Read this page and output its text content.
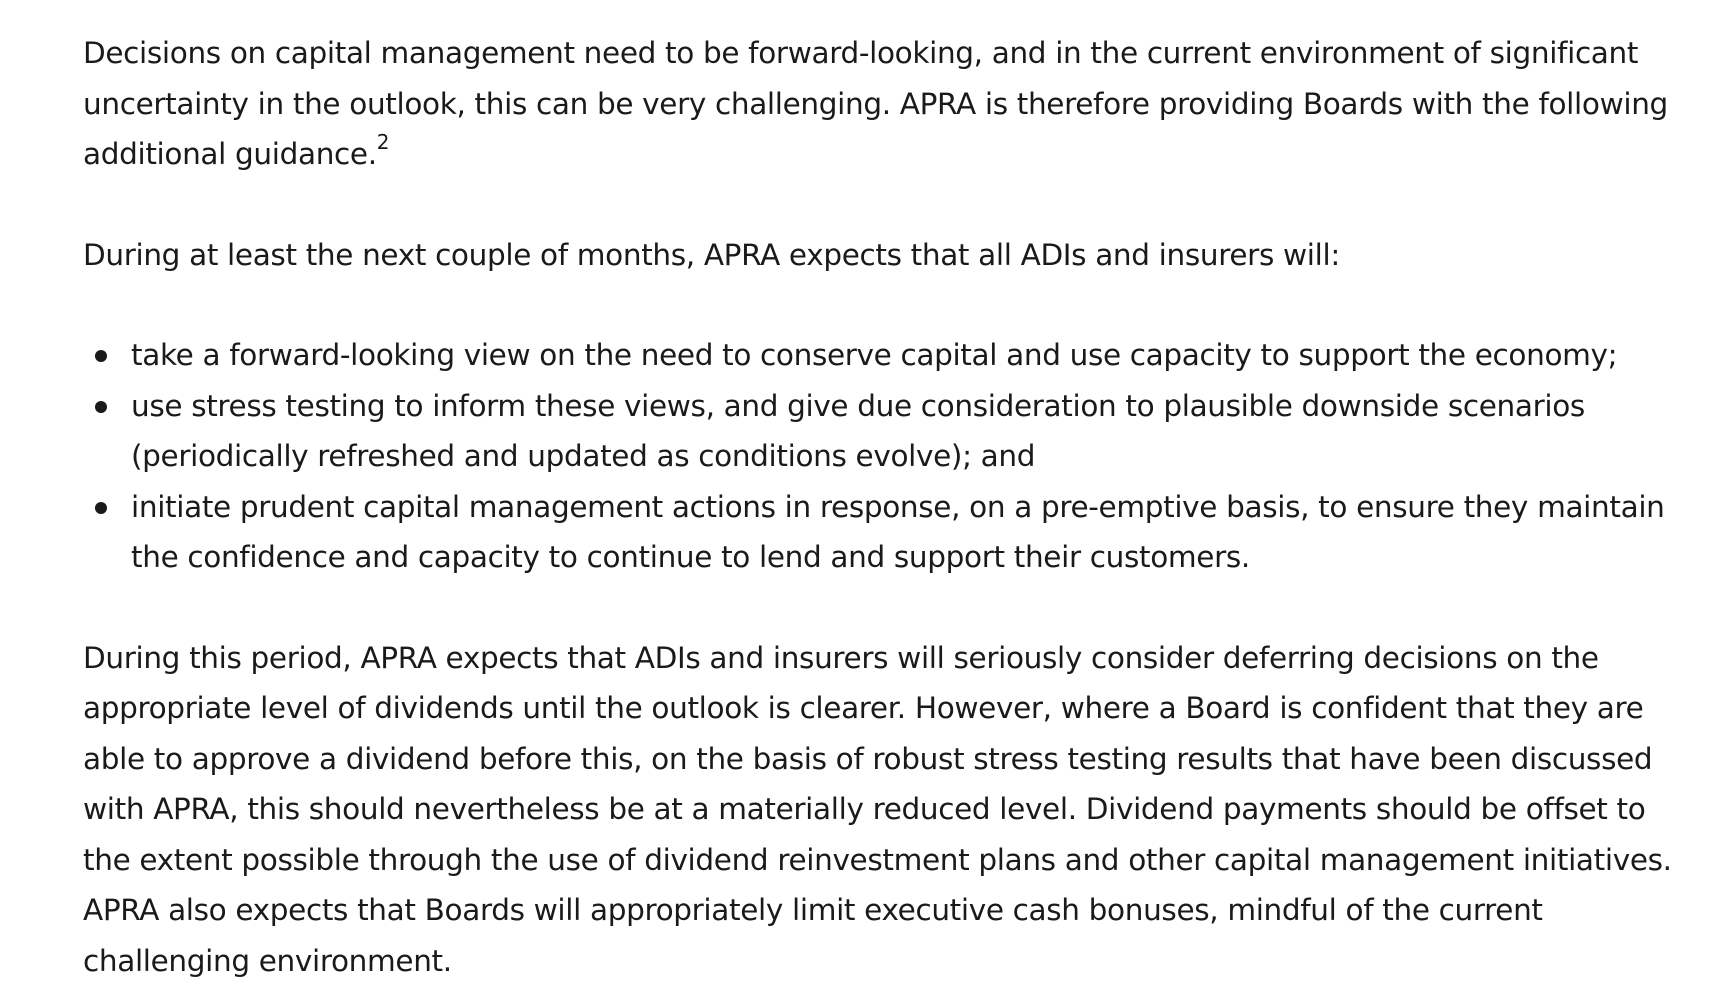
Decisions on capital management need to be forward-looking, and in the current environment of significant uncertainty in the outlook, this can be very challenging. APRA is therefore providing Boards with the following additional guidance.$^2$

During at least the next couple of months, APRA expects that all ADIs and insurers will:

take a forward-looking view on the need to conserve capital and use capacity to support the economy;
use stress testing to inform these views, and give due consideration to plausible downside scenarios (periodically refreshed and updated as conditions evolve); and
initiate prudent capital management actions in response, on a pre-emptive basis, to ensure they maintain the confidence and capacity to continue to lend and support their customers.

During this period, APRA expects that ADIs and insurers will seriously consider deferring decisions on the appropriate level of dividends until the outlook is clearer. However, where a Board is confident that they are able to approve a dividend before this, on the basis of robust stress testing results that have been discussed with APRA, this should nevertheless be at a materially reduced level. Dividend payments should be offset to the extent possible through the use of dividend reinvestment plans and other capital management initiatives. APRA also expects that Boards will appropriately limit executive cash bonuses, mindful of the current challenging environment.
